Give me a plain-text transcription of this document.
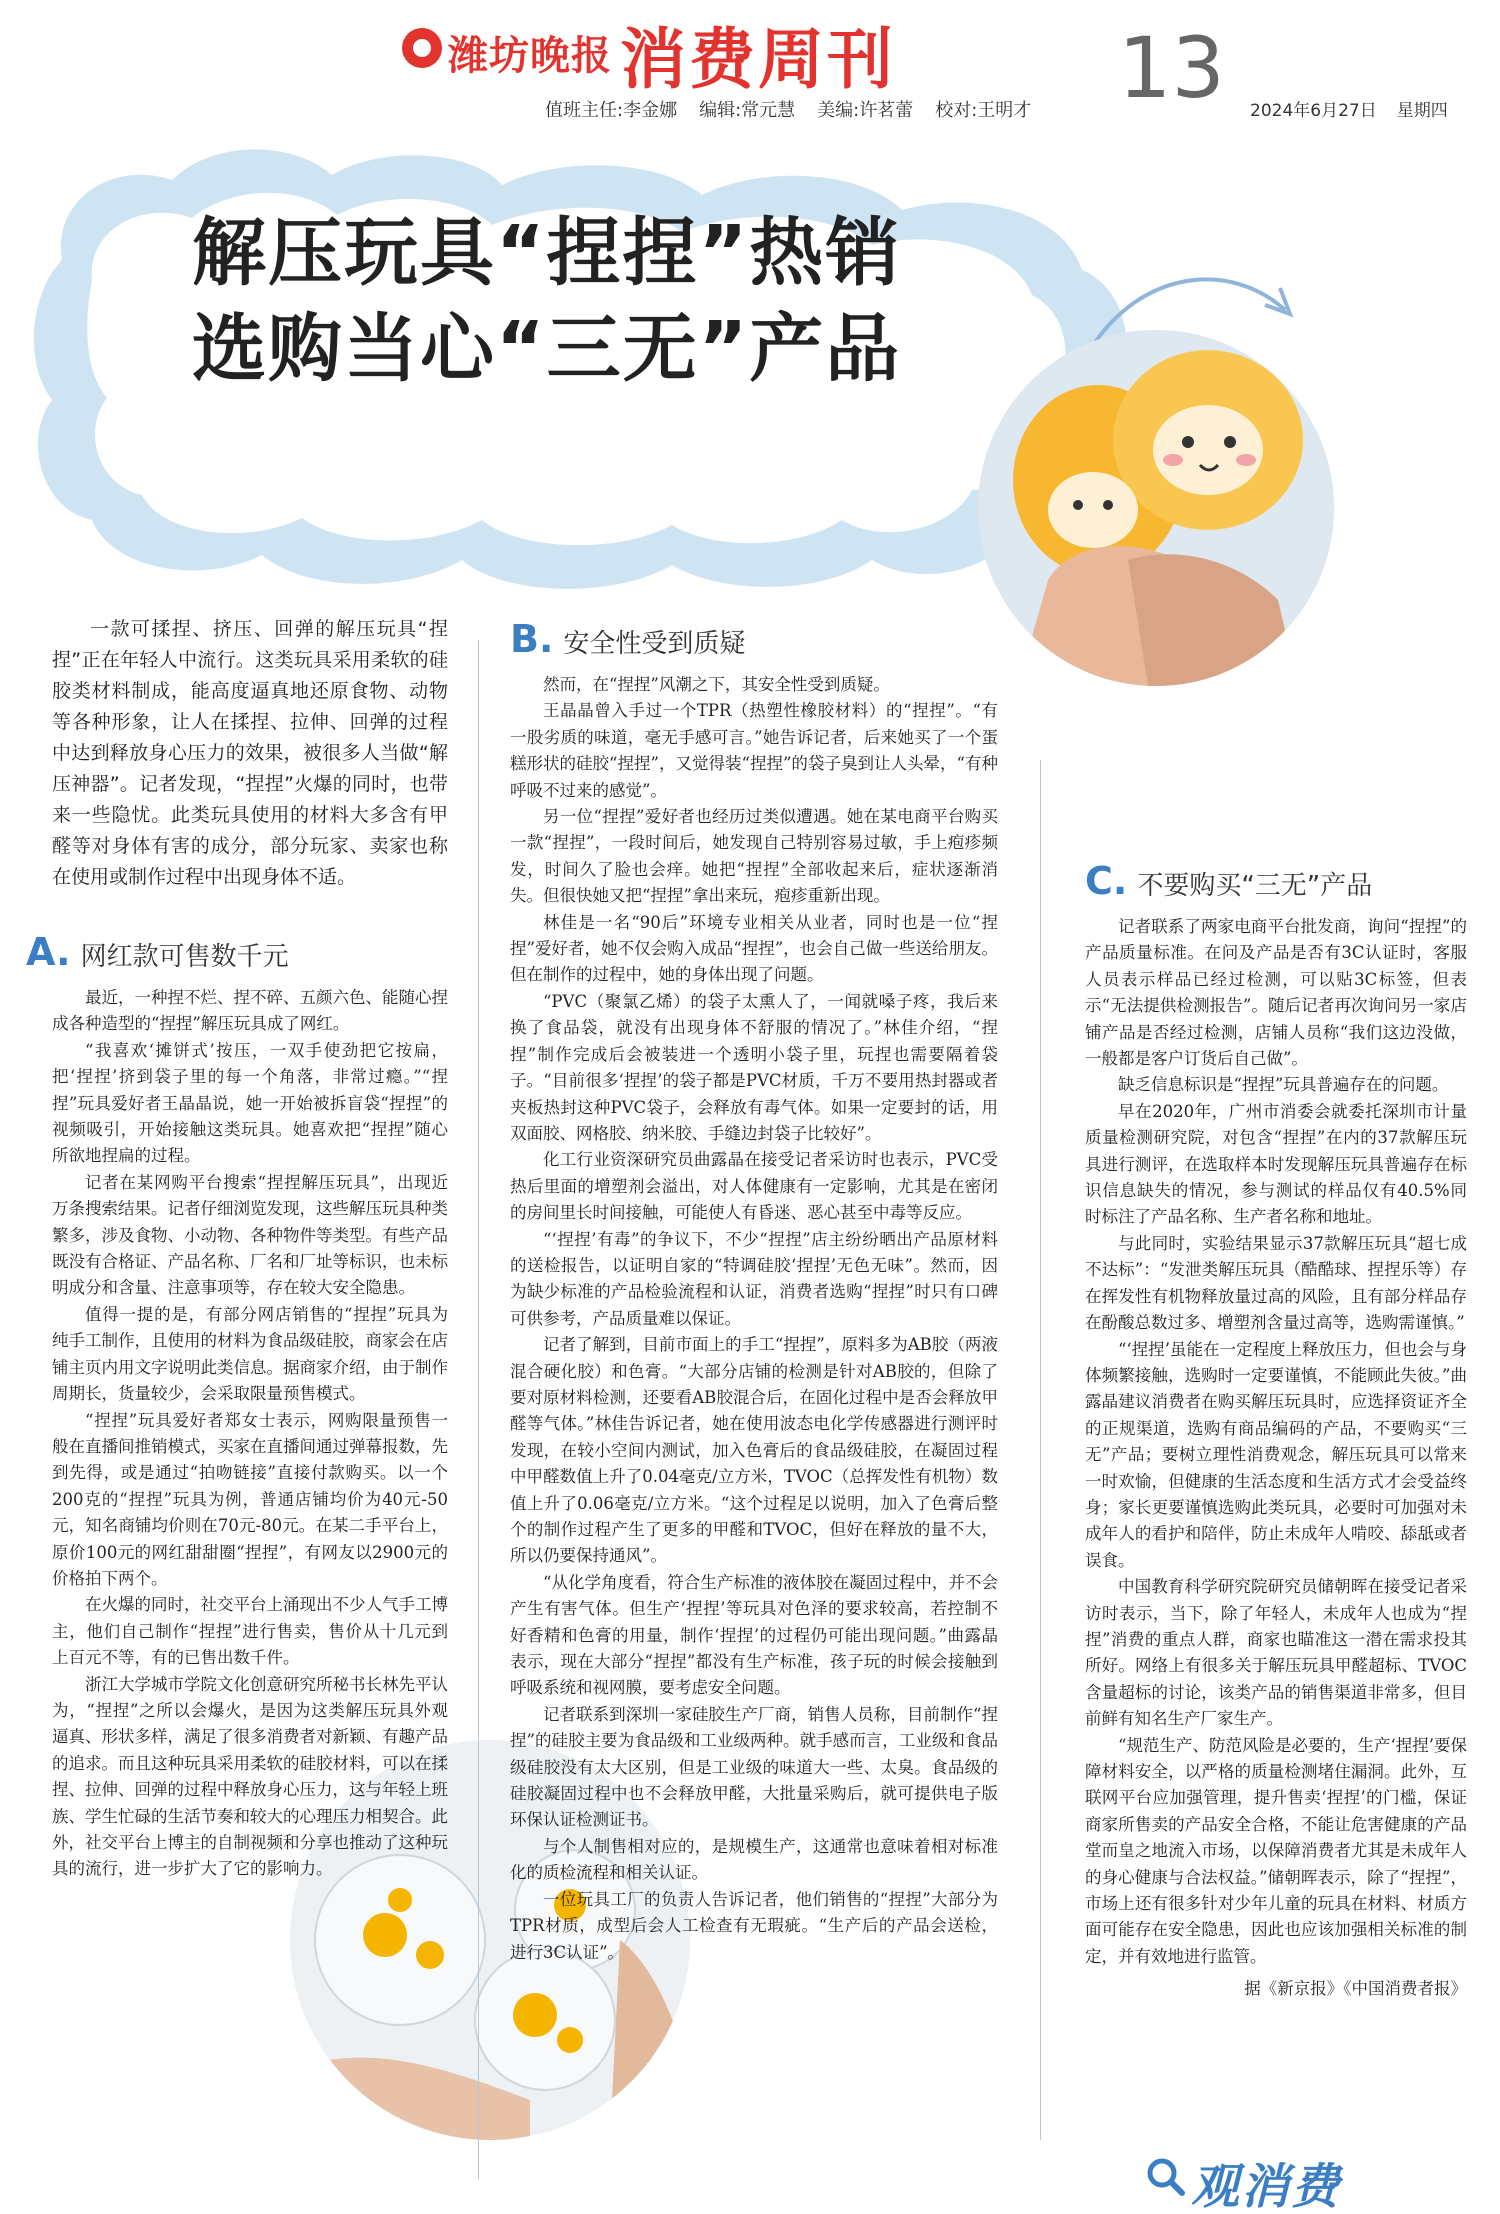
潍坊晚报 消费周刊	13
值班主任:李金娜 编辑:常元慧 美编:许茗蕾 校对:王明才	2024年6月27日 星期四
解压玩具“捏捏”热销
选购当心“三无”产品

一款可揉捏、挤压、回弹的解压玩具“捏捏”正在年轻人中流行。这类玩具采用柔软的硅胶类材料制成，能高度逼真地还原食物、动物等各种形象，让人在揉捏、拉伸、回弹的过程中达到释放身心压力的效果，被很多人当做“解压神器”。记者发现，“捏捏”火爆的同时，也带来一些隐忧。此类玩具使用的材料大多含有甲醛等对身体有害的成分，部分玩家、卖家也称在使用或制作过程中出现身体不适。

A. 网红款可售数千元

最近，一种捏不烂、捏不碎、五颜六色、能随心捏成各种造型的“捏捏”解压玩具成了网红。

“我喜欢‘摊饼式’按压，一双手使劲把它按扁，把‘捏捏’挤到袋子里的每一个角落，非常过瘾。”“捏捏”玩具爱好者王晶晶说，她一开始被拆盲袋“捏捏”的视频吸引，开始接触这类玩具。她喜欢把“捏捏”随心所欲地捏扁的过程。

记者在某网购平台搜索“捏捏解压玩具”，出现近万条搜索结果。记者仔细浏览发现，这些解压玩具种类繁多，涉及食物、小动物、各种物件等类型。有些产品既没有合格证、产品名称、厂名和厂址等标识，也未标明成分和含量、注意事项等，存在较大安全隐患。

值得一提的是，有部分网店销售的“捏捏”玩具为纯手工制作，且使用的材料为食品级硅胶，商家会在店铺主页内用文字说明此类信息。据商家介绍，由于制作周期长，货量较少，会采取限量预售模式。

“捏捏”玩具爱好者郑女士表示，网购限量预售一般在直播间推销模式，买家在直播间通过弹幕报数，先到先得，或是通过“拍吻链接”直接付款购买。以一个200克的“捏捏”玩具为例，普通店铺均价为40元-50元，知名商铺均价则在70元-80元。在某二手平台上，原价100元的网红甜甜圈“捏捏”，有网友以2900元的价格拍下两个。

在火爆的同时，社交平台上涌现出不少人气手工博主，他们自己制作“捏捏”进行售卖，售价从十几元到上百元不等，有的已售出数千件。

浙江大学城市学院文化创意研究所秘书长林先平认为，“捏捏”之所以会爆火，是因为这类解压玩具外观逼真、形状多样，满足了很多消费者对新颖、有趣产品的追求。而且这种玩具采用柔软的硅胶材料，可以在揉捏、拉伸、回弹的过程中释放身心压力，这与年轻上班族、学生忙碌的生活节奏和较大的心理压力相契合。此外，社交平台上博主的自制视频和分享也推动了这种玩具的流行，进一步扩大了它的影响力。

B. 安全性受到质疑

然而，在“捏捏”风潮之下，其安全性受到质疑。

王晶晶曾入手过一个TPR（热塑性橡胶材料）的“捏捏”。“有一股劣质的味道，毫无手感可言。”她告诉记者，后来她买了一个蛋糕形状的硅胶“捏捏”，又觉得装“捏捏”的袋子臭到让人头晕，“有种呼吸不过来的感觉”。

另一位“捏捏”爱好者也经历过类似遭遇。她在某电商平台购买一款“捏捏”，一段时间后，她发现自己特别容易过敏，手上疱疹频发，时间久了脸也会痒。她把“捏捏”全部收起来后，症状逐渐消失。但很快她又把“捏捏”拿出来玩，疱疹重新出现。

林佳是一名“90后”环境专业相关从业者，同时也是一位“捏捏”爱好者，她不仅会购入成品“捏捏”，也会自己做一些送给朋友。但在制作的过程中，她的身体出现了问题。

“PVC（聚氯乙烯）的袋子太熏人了，一闻就嗓子疼，我后来换了食品袋，就没有出现身体不舒服的情况了。”林佳介绍，“捏捏”制作完成后会被装进一个透明小袋子里，玩捏也需要隔着袋子。“目前很多‘捏捏’的袋子都是PVC材质，千万不要用热封器或者夹板热封这种PVC袋子，会释放有毒气体。如果一定要封的话，用双面胶、网格胶、纳米胶、手缝边封袋子比较好”。

化工行业资深研究员曲露晶在接受记者采访时也表示，PVC受热后里面的增塑剂会溢出，对人体健康有一定影响，尤其是在密闭的房间里长时间接触，可能使人有昏迷、恶心甚至中毒等反应。

“‘捏捏’有毒”的争议下，不少“捏捏”店主纷纷晒出产品原材料的送检报告，以证明自家的“特调硅胶‘捏捏’无色无味”。然而，因为缺少标准的产品检验流程和认证，消费者选购“捏捏”时只有口碑可供参考，产品质量难以保证。

记者了解到，目前市面上的手工“捏捏”，原料多为AB胶（两液混合硬化胶）和色膏。“大部分店铺的检测是针对AB胶的，但除了要对原材料检测，还要看AB胶混合后，在固化过程中是否会释放甲醛等气体。”林佳告诉记者，她在使用波态电化学传感器进行测评时发现，在较小空间内测试，加入色膏后的食品级硅胶，在凝固过程中甲醛数值上升了0.04毫克/立方米，TVOC（总挥发性有机物）数值上升了0.06毫克/立方米。“这个过程足以说明，加入了色膏后整个的制作过程产生了更多的甲醛和TVOC，但好在释放的量不大，所以仍要保持通风”。

“从化学角度看，符合生产标准的液体胶在凝固过程中，并不会产生有害气体。但生产‘捏捏’等玩具对色泽的要求较高，若控制不好香精和色膏的用量，制作‘捏捏’的过程仍可能出现问题。”曲露晶表示，现在大部分“捏捏”都没有生产标准，孩子玩的时候会接触到呼吸系统和视网膜，要考虑安全问题。

记者联系到深圳一家硅胶生产厂商，销售人员称，目前制作“捏捏”的硅胶主要为食品级和工业级两种。就手感而言，工业级和食品级硅胶没有太大区别，但是工业级的味道大一些、太臭。食品级的硅胶凝固过程中也不会释放甲醛，大批量采购后，就可提供电子版环保认证检测证书。

与个人制售相对应的，是规模生产，这通常也意味着相对标准化的质检流程和相关认证。

一位玩具工厂的负责人告诉记者，他们销售的“捏捏”大部分为TPR材质，成型后会人工检查有无瑕疵。“生产后的产品会送检，进行3C认证”。

C. 不要购买“三无”产品

记者联系了两家电商平台批发商，询问“捏捏”的产品质量标准。在问及产品是否有3C认证时，客服人员表示样品已经过检测，可以贴3C标签，但表示“无法提供检测报告”。随后记者再次询问另一家店铺产品是否经过检测，店铺人员称“我们这边没做，一般都是客户订货后自己做”。

缺乏信息标识是“捏捏”玩具普遍存在的问题。

早在2020年，广州市消委会就委托深圳市计量质量检测研究院，对包含“捏捏”在内的37款解压玩具进行测评，在选取样本时发现解压玩具普遍存在标识信息缺失的情况，参与测试的样品仅有40.5%同时标注了产品名称、生产者名称和地址。

与此同时，实验结果显示37款解压玩具“超七成不达标”：“发泄类解压玩具（酷酷球、捏捏乐等）存在挥发性有机物释放量过高的风险，且有部分样品存在酚酸总数过多、增塑剂含量过高等，选购需谨慎。”

“‘捏捏’虽能在一定程度上释放压力，但也会与身体频繁接触，选购时一定要谨慎，不能顾此失彼。”曲露晶建议消费者在购买解压玩具时，应选择资证齐全的正规渠道，选购有商品编码的产品，不要购买“三无”产品；要树立理性消费观念，解压玩具可以常来一时欢愉，但健康的生活态度和生活方式才会受益终身；家长更要谨慎选购此类玩具，必要时可加强对未成年人的看护和陪伴，防止未成年人啃咬、舔舐或者误食。

中国教育科学研究院研究员储朝晖在接受记者采访时表示，当下，除了年轻人，未成年人也成为“捏捏”消费的重点人群，商家也瞄准这一潜在需求投其所好。网络上有很多关于解压玩具甲醛超标、TVOC含量超标的讨论，该类产品的销售渠道非常多，但目前鲜有知名生产厂家生产。

“规范生产、防范风险是必要的，生产‘捏捏’要保障材料安全，以严格的质量检测堵住漏洞。此外，互联网平台应加强管理，提升售卖‘捏捏’的门槛，保证商家所售卖的产品安全合格，不能让危害健康的产品堂而皇之地流入市场，以保障消费者尤其是未成年人的身心健康与合法权益。”储朝晖表示，除了“捏捏”，市场上还有很多针对少年儿童的玩具在材料、材质方面可能存在安全隐患，因此也应该加强相关标准的制定，并有效地进行监管。

据《新京报》《中国消费者报》

观消费
